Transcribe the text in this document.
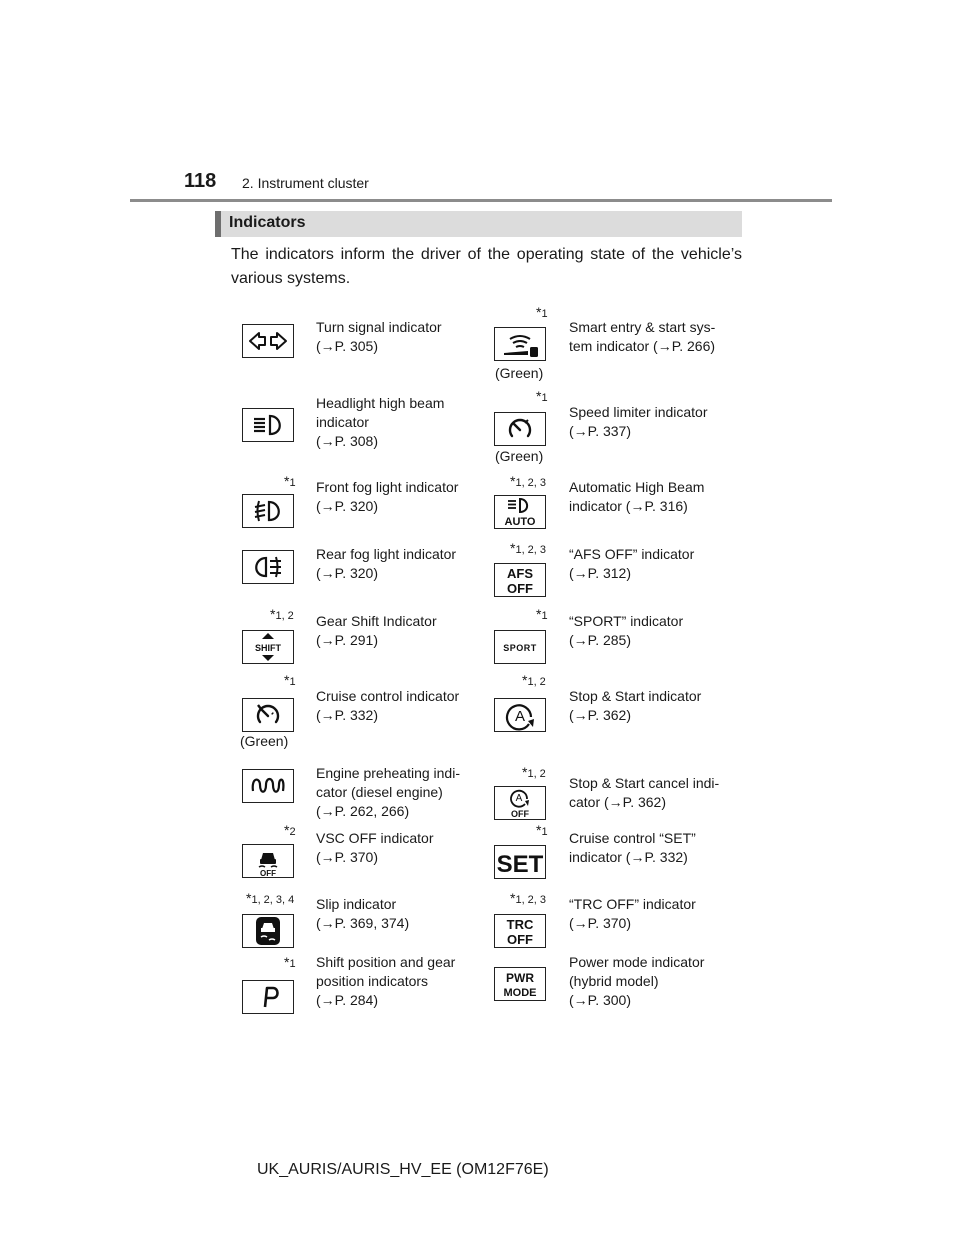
118 2. Instrument cluster
Indicators
The indicators inform the driver of the operating state of the vehicle’s various systems.
Turn signal indicator
(→P. 305)
Headlight high beam
indicator
(→P. 308)
*1 Front fog light indicator
(→P. 320)
Rear fog light indicator
(→P. 320)
*1, 2
SHIFT
Gear Shift Indicator
(→P. 291)
*1
(Green)
Cruise control indicator
(→P. 332)
Engine preheating indi-
cator (diesel engine)
(→P. 262, 266)
*2
OFF
VSC OFF indicator
(→P. 370)
*1, 2, 3, 4 Slip indicator
(→P. 369, 374)
*1 Shift position and gear
position indicators
(→P. 284)
*1
(Green)
Smart entry & start sys-
tem indicator (→P. 266)
*1
(Green)
Speed limiter indicator
(→P. 337)
*1, 2, 3
AUTO
Automatic High Beam
indicator (→P. 316)
*1, 2, 3
AFS
OFF
“AFS OFF” indicator
(→P. 312)
*1
SPORT
“SPORT” indicator
(→P. 285)
*1, 2
A
Stop & Start indicator
(→P. 362)
*1, 2
A
OFF
Stop & Start cancel indi-
cator (→P. 362)
*1
SET
Cruise control “SET”
indicator (→P. 332)
*1, 2, 3
TRC
OFF
“TRC OFF” indicator
(→P. 370)
PWR
MODE
Power mode indicator
(hybrid model)
(→P. 300)
UK_AURIS/AURIS_HV_EE (OM12F76E)
